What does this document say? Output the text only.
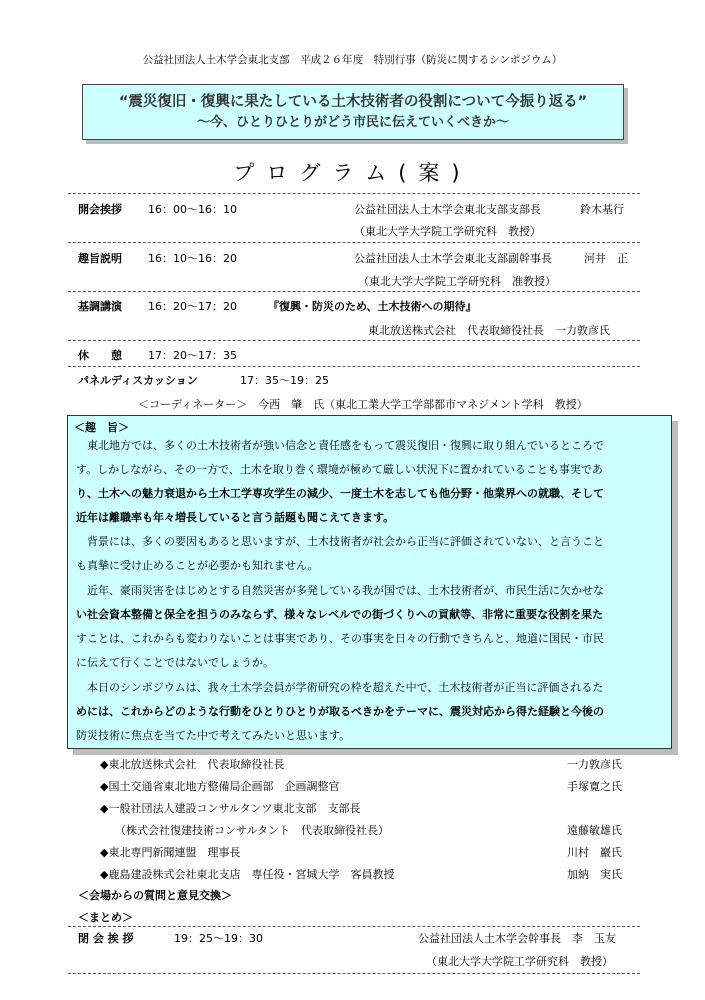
公益社団法人土木学会東北支部　平成２６年度　特別行事（防災に関するシンポジウム）
“震災復旧・復興に果たしている土木技術者の役割について今振り返る”
～今、ひとりひとりがどう市民に伝えていくべきか～
プログラム(案)
開会挨拶 16：00～16：10	公益社団法人土木学会東北支部支部長	鈴木基行
（東北大学大学院工学研究科　教授）
趣旨説明 16：10～16：20	公益社団法人土木学会東北支部副幹事長	河井　正
（東北大学大学院工学研究科　准教授）
基調講演 16：20～17：20	『復興・防災のため、土木技術への期待』
東北放送株式会社　代表取締役社長　一力敦彦氏
休　　憩 17：20～17：35
パネルディスカッション	17：35～19：25
＜コーディネーター＞　今西　肇　氏（東北工業大学工学部都市マネジメント学科　教授）

＜趣　旨＞

　東北地方では、多くの土木技術者が強い信念と責任感をもって震災復旧・復興に取り組んでいるところで

す。しかしながら、その一方で、土木を取り巻く環境が極めて厳しい状況下に置かれていることも事実であ

り、土木への魅力衰退から土木工学専攻学生の減少、一度土木を志しても他分野・他業界への就職、そして

近年は離職率も年々増長していると言う話題も聞こえてきます。

　背景には、多くの要因もあると思いますが、土木技術者が社会から正当に評価されていない、と言うこと

も真摯に受け止めることが必要かも知れません。

　近年、豪雨災害をはじめとする自然災害が多発している我が国では、土木技術者が、市民生活に欠かせな

い社会資本整備と保全を担うのみならず、様々なレベルでの街づくりへの貢献等、非常に重要な役割を果た

すことは、これからも変わりないことは事実であり、その事実を日々の行動できちんと、地道に国民・市民

に伝えて行くことではないでしょうか。

　本日のシンポジウムは、我々土木学会員が学術研究の枠を超えた中で、土木技術者が正当に評価されるた

めには、これからどのような行動をひとりひとりが取るべきかをテーマに、震災対応から得た経験と今後の

防災技術に焦点を当てた中で考えてみたいと思います。

◆東北放送株式会社　代表取締役社長	一力敦彦氏
◆国土交通省東北地方整備局企画部　企画調整官	手塚寛之氏
◆一般社団法人建設コンサルタンツ東北支部　支部長
（株式会社復建技術コンサルタント　代表取締役社長）	遠藤敏雄氏
◆東北専門新聞連盟　理事長	川村　巖氏
◆鹿島建設株式会社東北支店　専任役・宮城大学　客員教授	加納　実氏
＜会場からの質問と意見交換＞
＜まとめ＞
閉 会 挨 拶	19：25～19：30	公益社団法人土木学会幹事長　李　玉友
（東北大学大学院工学研究科　教授）
